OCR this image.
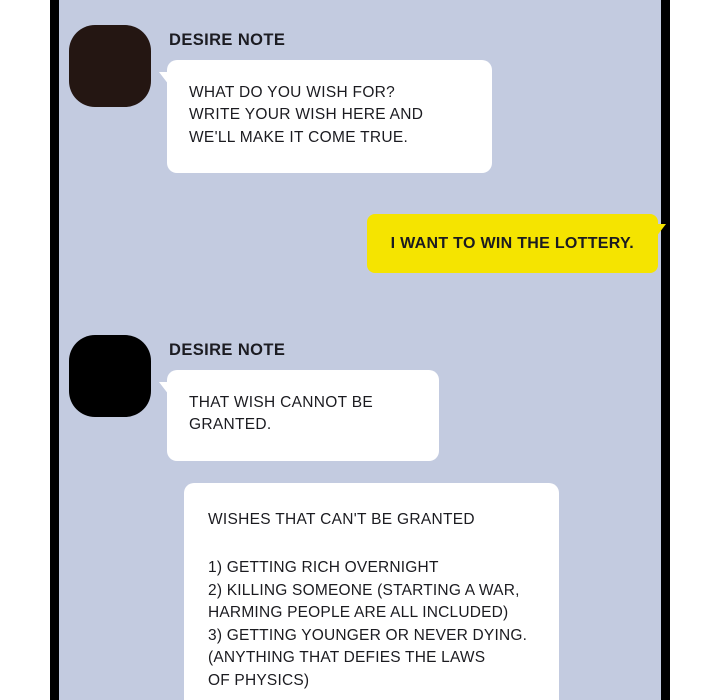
DESIRE NOTE
WHAT DO YOU WISH FOR?
WRITE YOUR WISH HERE AND
WE'LL MAKE IT COME TRUE.
I WANT TO WIN THE LOTTERY.
DESIRE NOTE
THAT WISH CANNOT BE
GRANTED.
WISHES THAT CAN'T BE GRANTED
1) GETTING RICH OVERNIGHT
2) KILLING SOMEONE (STARTING A WAR,
HARMING PEOPLE ARE ALL INCLUDED)
3) GETTING YOUNGER OR NEVER DYING.
(ANYTHING THAT DEFIES THE LAWS
OF PHYSICS)
